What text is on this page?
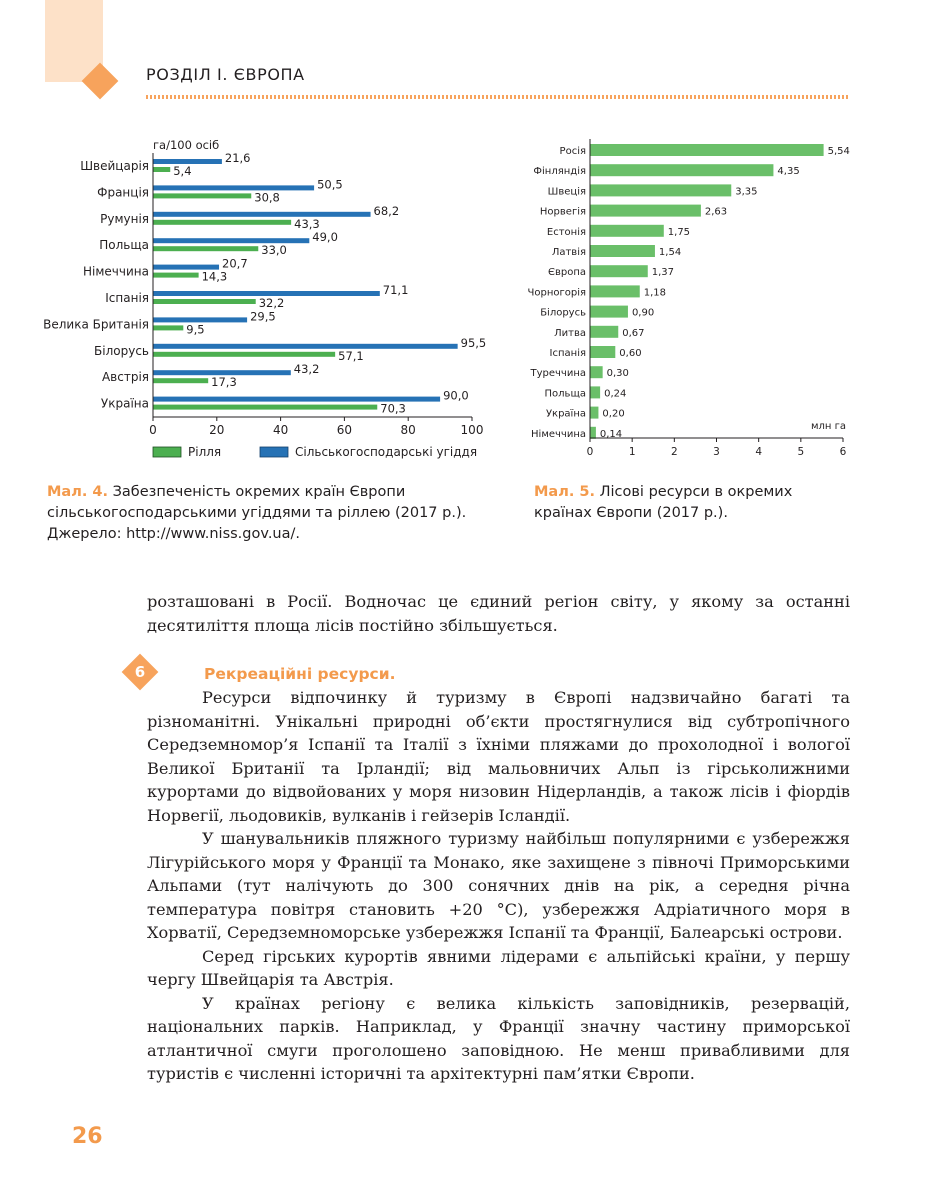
РОЗДІЛ І. ЄВРОПА
га/100 осіб
Швейцарія
21,6
5,4
Франція
50,5
30,8
Румунія
68,2
43,3
Польща
49,0
33,0
Німеччина
20,7
14,3
Іспанія
71,1
32,2
Велика Британія
29,5
9,5
Білорусь
95,5
57,1
Австрія
43,2
17,3
Україна
90,0
70,3
0	20	40	60	80	100
Рілля	Сільськогосподарські угіддя
Росія	5,54
Фінляндія	4,35
Швеція	3,35
Норвегія	2,63
Естонія	1,75
Латвія	1,54
Європа	1,37
Чорногорія	1,18
Білорусь	0,90
Литва	0,67
Іспанія	0,60
Туреччина 0,30
Польща 0,24
Україна 0,20
Німеччина 0,14
млн га
0	1	2	3	4	5	6
Мал. 4. Забезпеченість окремих країн Європи сільськогосподарськими угіддями та ріллею (2017 р.). Джерело: http://www.niss.gov.ua/.
Мал. 5. Лісові ресурси в окремих країнах Європи (2017 р.).

розташовані в Росії. Водночас це єдиний регіон світу, у якому за останні десятиліття площа лісів постійно збільшується.

6	Рекреаційні ресурси.

Ресурси відпочинку й туризму в Європі надзвичайно багаті та різноманітні. Унікальні природні об’єкти простягнулися від субтропічного Середземномор’я Іспанії та Італії з їхніми пляжами до прохолодної і вологої Великої Британії та Ірландії; від мальовничих Альп із гірськолижними курортами до відвойованих у моря низовин Нідерландів, а також лісів і фіордів Норвегії, льодовиків, вулканів і гейзерів Ісландії.

У шанувальників пляжного туризму найбільш популярними є узбережжя Лігурійського моря у Франції та Монако, яке захищене з півночі Приморськими Альпами (тут налічують до 300 сонячних днів на рік, а середня річна температура повітря становить +20 °С), узбережжя Адріатичного моря в Хорватії, Середземноморське узбережжя Іспанії та Франції, Балеарські острови.

Серед гірських курортів явними лідерами є альпійські країни, у першу чергу Швейцарія та Австрія.

У країнах регіону є велика кількість заповідників, резервацій, національних парків. Наприклад, у Франції значну частину приморської атлантичної смуги проголошено заповідною. Не менш привабливими для туристів є численні історичні та архітектурні пам’ятки Європи.

26
